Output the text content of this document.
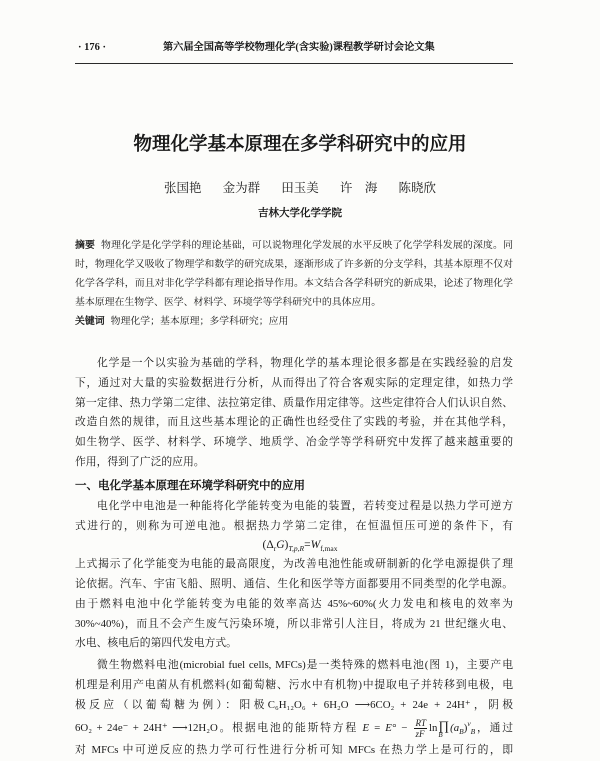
· 176 ·	第六届全国高等学校物理化学(含实验)课程教学研讨会论文集
物理化学基本原理在多学科研究中的应用
张国艳 金为群 田玉美 许　海 陈晓欣
吉林大学化学学院
摘要 物理化学是化学学科的理论基础，可以说物理化学发展的水平反映了化学学科发展的深度。同
时，物理化学又吸收了物理学和数学的研究成果，逐渐形成了许多新的分支学科，其基本原理不仅对
化学各学科，而且对非化学学科都有理论指导作用。本文结合各学科研究的新成果，论述了物理化学
基本原理在生物学、医学、材料学、环境学等学科研究中的具体应用。
关键词 物理化学；基本原理；多学科研究；应用
化学是一个以实验为基础的学科，物理化学的基本理论很多都是在实践经验的启发
下，通过对大量的实验数据进行分析，从而得出了符合客观实际的定理定律，如热力学
第一定律、热力学第二定律、法拉第定律、质量作用定律等。这些定律符合人们认识自然、
改造自然的规律，而且这些基本理论的正确性也经受住了实践的考验，并在其他学科，
如生物学、医学、材料学、环境学、地质学、冶金学等学科研究中发挥了越来越重要的
作用，得到了广泛的应用。
一、电化学基本原理在环境学科研究中的应用
电化学中电池是一种能将化学能转变为电能的装置，若转变过程是以热力学可逆方
式进行的，则称为可逆电池。根据热力学第二定律，在恒温恒压可逆的条件下，有
$(\Delta_rG)_{T,p,R}=W_{f,max}$
上式揭示了化学能变为电能的最高限度，为改善电池性能或研制新的化学电源提供了理
论依据。汽车、宇宙飞船、照明、通信、生化和医学等方面都要用不同类型的化学电源。
由于燃料电池中化学能转变为电能的效率高达 45%~60%(火力发电和核电的效率为
30%~40%)，而且不会产生废气污染环境，所以非常引人注目，将成为 21 世纪继火电、
水电、核电后的第四代发电方式。
微生物燃料电池(microbial fuel cells, MFCs)是一类特殊的燃料电池(图 1)，主要产电
机理是利用产电菌从有机燃料(如葡萄糖、污水中有机物)中提取电子并转移到电极，电
极反应（以葡萄糖为例）：阳极C₆H₁₂O₆ + 6H₂O ⟶6CO₂ + 24e + 24H⁺，阴极
6O₂ + 24e⁻ + 24H⁺ ⟶12H₂O。根据电池的能斯特方程 $E = E^\circ - \frac{RT}{zF}$ ln ∏
B
$(a_B)^\nu_B$，通过
对 MFCs 中可逆反应的热力学可行性进行分析可知 MFCs 在热力学上是可行的，即
